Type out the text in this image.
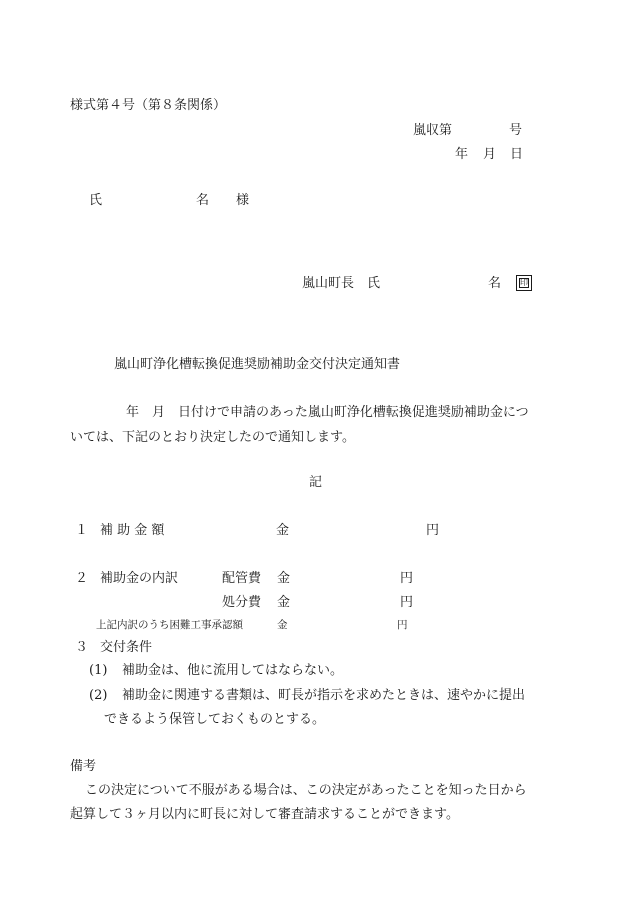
様式第４号（第８条関係）
嵐収第	号
年 月 日
氏	名 様
嵐山町長　氏	名 印
嵐山町浄化槽転換促進奨励補助金交付決定通知書
年　月　日付けで申請のあった嵐山町浄化槽転換促進奨励補助金につ
いては、下記のとおり決定したので通知します。
記
１ 補 助 金 額	金	円
２ 補助金の内訳	配管費 金	円
処分費 金	円
上記内訳のうち困難工事承認額	金	円
３ 交付条件
(1) 補助金は、他に流用してはならない。
(2) 補助金に関連する書類は、町長が指示を求めたときは、速やかに提出
できるよう保管しておくものとする。
備考
この決定について不服がある場合は、この決定があったことを知った日から
起算して３ヶ月以内に町長に対して審査請求することができます。
